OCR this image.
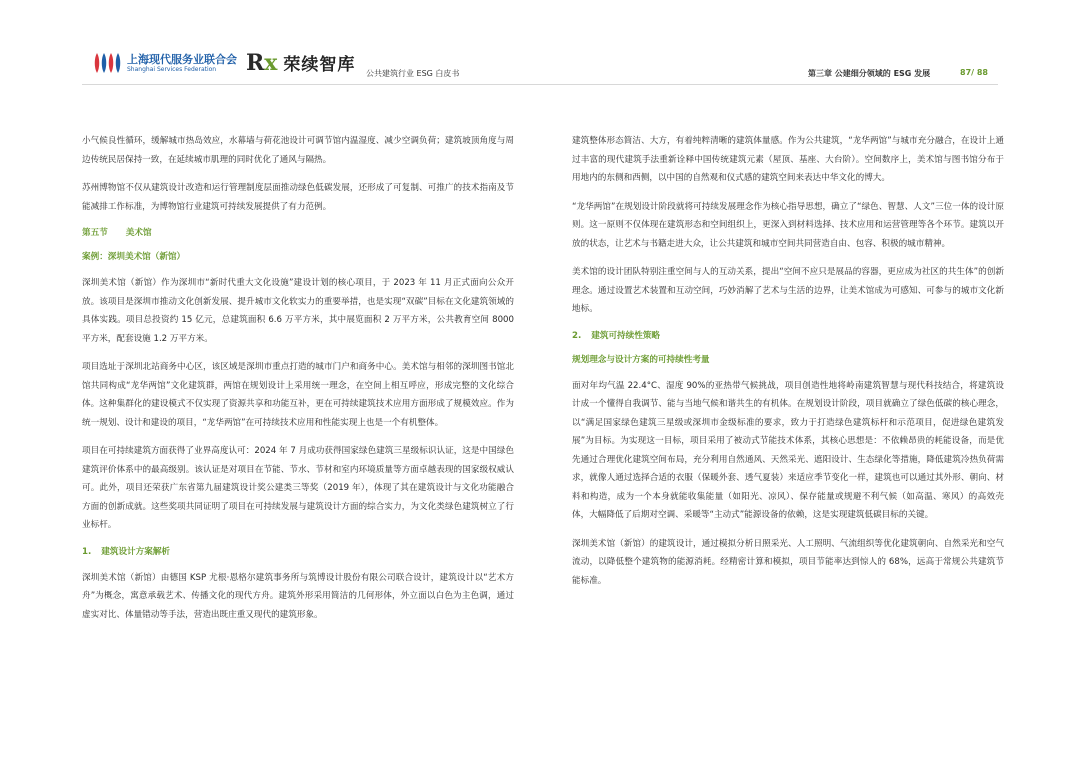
上海现代服务业联合会
Shanghai Services Federation	Rx 荣续智库 公共建筑行业 ESG 白皮书	第三章 公建细分领域的 ESG 发展	87/ 88

小气候良性循环，缓解城市热岛效应，水幕墙与荷花池设计可调节馆内温湿度、减少空调负荷；建筑坡顶角度与周边传统民居保持一致，在延续城市肌理的同时优化了通风与隔热。

苏州博物馆不仅从建筑设计改造和运行管理制度层面推动绿色低碳发展，还形成了可复制、可推广的技术指南及节能减排工作标准，为博物馆行业建筑可持续发展提供了有力范例。

第五节 美术馆
案例：深圳美术馆（新馆）

深圳美术馆（新馆）作为深圳市“新时代重大文化设施”建设计划的核心项目，于 2023 年 11 月正式面向公众开放。该项目是深圳市推动文化创新发展、提升城市文化软实力的重要举措，也是实现“双碳”目标在文化建筑领域的具体实践。项目总投资约 15 亿元，总建筑面积 6.6 万平方米，其中展览面积 2 万平方米，公共教育空间 8000 平方米，配套设施 1.2 万平方米。

项目选址于深圳北站商务中心区，该区域是深圳市重点打造的城市门户和商务中心。美术馆与相邻的深圳图书馆北馆共同构成“龙华两馆”文化建筑群，两馆在规划设计上采用统一理念，在空间上相互呼应，形成完整的文化综合体。这种集群化的建设模式不仅实现了资源共享和功能互补，更在可持续建筑技术应用方面形成了规模效应。作为统一规划、设计和建设的项目，“龙华两馆”在可持续技术应用和性能实现上也是一个有机整体。

项目在可持续建筑方面获得了业界高度认可：2024 年 7 月成功获得国家绿色建筑三星级标识认证，这是中国绿色建筑评价体系中的最高级别。该认证是对项目在节能、节水、节材和室内环境质量等方面卓越表现的国家级权威认可。此外，项目还荣获广东省第九届建筑设计奖公建类三等奖（2019 年），体现了其在建筑设计与文化功能融合方面的创新成就。这些奖项共同证明了项目在可持续发展与建筑设计方面的综合实力，为文化类绿色建筑树立了行业标杆。

1. 建筑设计方案解析

深圳美术馆（新馆）由德国 KSP 尤根·恩格尔建筑事务所与筑博设计股份有限公司联合设计，建筑设计以“艺术方舟”为概念，寓意承载艺术、传播文化的现代方舟。建筑外形采用简洁的几何形体，外立面以白色为主色调，通过虚实对比、体量错动等手法，营造出既庄重又现代的建筑形象。

建筑整体形态简洁、大方，有着纯粹清晰的建筑体量感。作为公共建筑，“龙华两馆”与城市充分融合，在设计上通过丰富的现代建筑手法重新诠释中国传统建筑元素（屋顶、基座、大台阶）。空间数序上，美术馆与图书馆分布于用地内的东侧和西侧，以中国的自然观和仪式感的建筑空间来表达中华文化的博大。

“龙华两馆”在规划设计阶段就将可持续发展理念作为核心指导思想，确立了“绿色、智慧、人文”三位一体的设计原则。这一原则不仅体现在建筑形态和空间组织上，更深入到材料选择、技术应用和运营管理等各个环节。建筑以开放的状态，让艺术与书籍走进大众，让公共建筑和城市空间共同营造自由、包容、积极的城市精神。

美术馆的设计团队特别注重空间与人的互动关系，提出“空间不应只是展品的容器，更应成为社区的共生体”的创新理念。通过设置艺术装置和互动空间，巧妙消解了艺术与生活的边界，让美术馆成为可感知、可参与的城市文化新地标。

2. 建筑可持续性策略
规划理念与设计方案的可持续性考量

面对年均气温 22.4°C、湿度 90%的亚热带气候挑战，项目创造性地将岭南建筑智慧与现代科技结合，将建筑设计成一个懂得自我调节、能与当地气候和谐共生的有机体。在规划设计阶段，项目就确立了绿色低碳的核心理念，以“满足国家绿色建筑三星级或深圳市金级标准的要求，致力于打造绿色建筑标杆和示范项目，促进绿色建筑发展”为目标。为实现这一目标，项目采用了被动式节能技术体系，其核心思想是：不依赖昂贵的耗能设备，而是优先通过合理优化建筑空间布局，充分利用自然通风、天然采光、遮阳设计、生态绿化等措施，降低建筑冷热负荷需求，就像人通过选择合适的衣服（保暖外套、透气夏装）来适应季节变化一样，建筑也可以通过其外形、朝向、材料和构造，成为一个本身就能收集能量（如阳光、凉风）、保存能量或规避不利气候（如高温、寒风）的高效壳体，大幅降低了后期对空调、采暖等“主动式”能源设备的依赖，这是实现建筑低碳目标的关键。

深圳美术馆（新馆）的建筑设计，通过模拟分析日照采光、人工照明、气流组织等优化建筑朝向、自然采光和空气流动，以降低整个建筑物的能源消耗。经精密计算和模拟，项目节能率达到惊人的 68%，远高于常规公共建筑节能标准。
